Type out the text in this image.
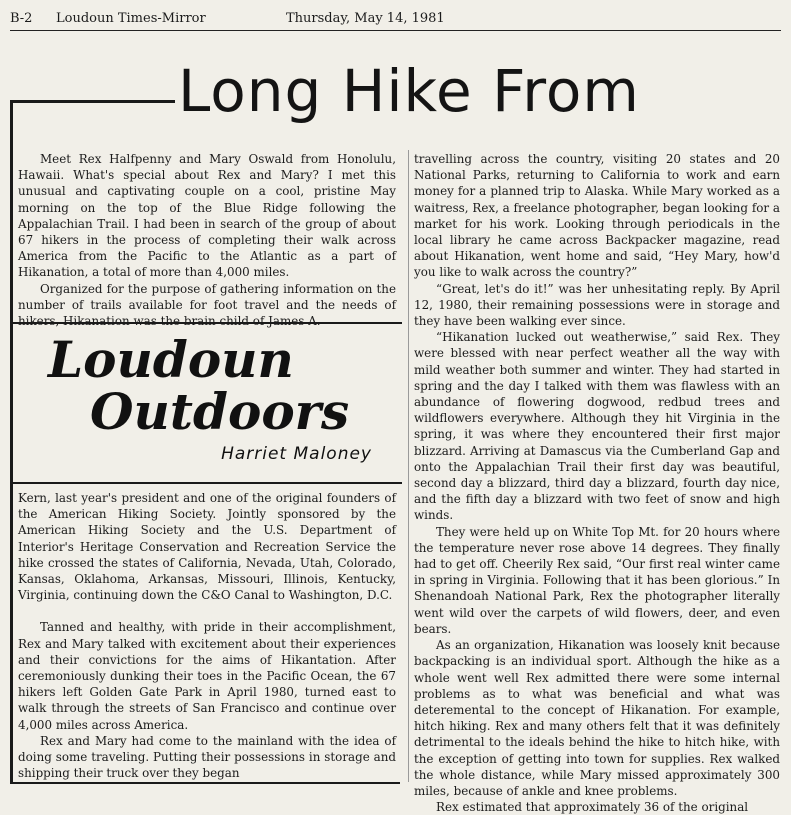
B-2 Loudoun Times-Mirror	Thursday, May 14, 1981
Long Hike From

Meet Rex Halfpenny and Mary Oswald from Honolulu, Hawaii. What's special about Rex and Mary? I met this unusual and captivating couple on a cool, pristine May morning on the top of the Blue Ridge following the Appalachian Trail. I had been in search of the group of about 67 hikers in the process of completing their walk across America from the Pacific to the Atlantic as a part of Hikanation, a total of more than 4,000 miles.

Organized for the purpose of gathering information on the number of trails available for foot travel and the needs of hikers, Hikanation was the brain child of James A.

Loudoun
Outdoors
Harriet Maloney

Kern, last year's president and one of the original founders of the American Hiking Society. Jointly sponsored by the American Hiking Society and the U.S. Department of Interior's Heritage Conservation and Recreation Service the hike crossed the states of California, Nevada, Utah, Colorado, Kansas, Oklahoma, Arkansas, Missouri, Illinois, Kentucky, Virginia, continuing down the C&O Canal to Washington, D.C.

Tanned and healthy, with pride in their accomplishment, Rex and Mary talked with excitement about their experiences and their convictions for the aims of Hikantation. After ceremoniously dunking their toes in the Pacific Ocean, the 67 hikers left Golden Gate Park in April 1980, turned east to walk through the streets of San Francisco and continue over 4,000 miles across America.

Rex and Mary had come to the mainland with the idea of doing some traveling. Putting their possessions in storage and shipping their truck over they began

travelling across the country, visiting 20 states and 20 National Parks, returning to California to work and earn money for a planned trip to Alaska. While Mary worked as a waitress, Rex, a freelance photographer, began looking for a market for his work. Looking through periodicals in the local library he came across Backpacker magazine, read about Hikanation, went home and said, “Hey Mary, how'd you like to walk across the country?”

“Great, let's do it!” was her unhesitating reply. By April 12, 1980, their remaining possessions were in storage and they have been walking ever since.

“Hikanation lucked out weatherwise,” said Rex. They were blessed with near perfect weather all the way with mild weather both summer and winter. They had started in spring and the day I talked with them was flawless with an abundance of flowering dogwood, redbud trees and wildflowers everywhere. Although they hit Virginia in the spring, it was where they encountered their first major blizzard. Arriving at Damascus via the Cumberland Gap and onto the Appalachian Trail their first day was beautiful, second day a blizzard, third day a blizzard, fourth day nice, and the fifth day a blizzard with two feet of snow and high winds.

They were held up on White Top Mt. for 20 hours where the temperature never rose above 14 degrees. They finally had to get off. Cheerily Rex said, “Our first real winter came in spring in Virginia. Following that it has been glorious.” In Shenandoah National Park, Rex the photographer literally went wild over the carpets of wild flowers, deer, and even bears.

As an organization, Hikanation was loosely knit because backpacking is an individual sport. Although the hike as a whole went well Rex admitted there were some internal problems as to what was beneficial and what was deteremental to the concept of Hikanation. For example, hitch hiking. Rex and many others felt that it was definitely detrimental to the ideals behind the hike to hitch hike, with the exception of getting into town for supplies. Rex walked the whole distance, while Mary missed approximately 300 miles, because of ankle and knee problems.

Rex estimated that approximately 36 of the original
